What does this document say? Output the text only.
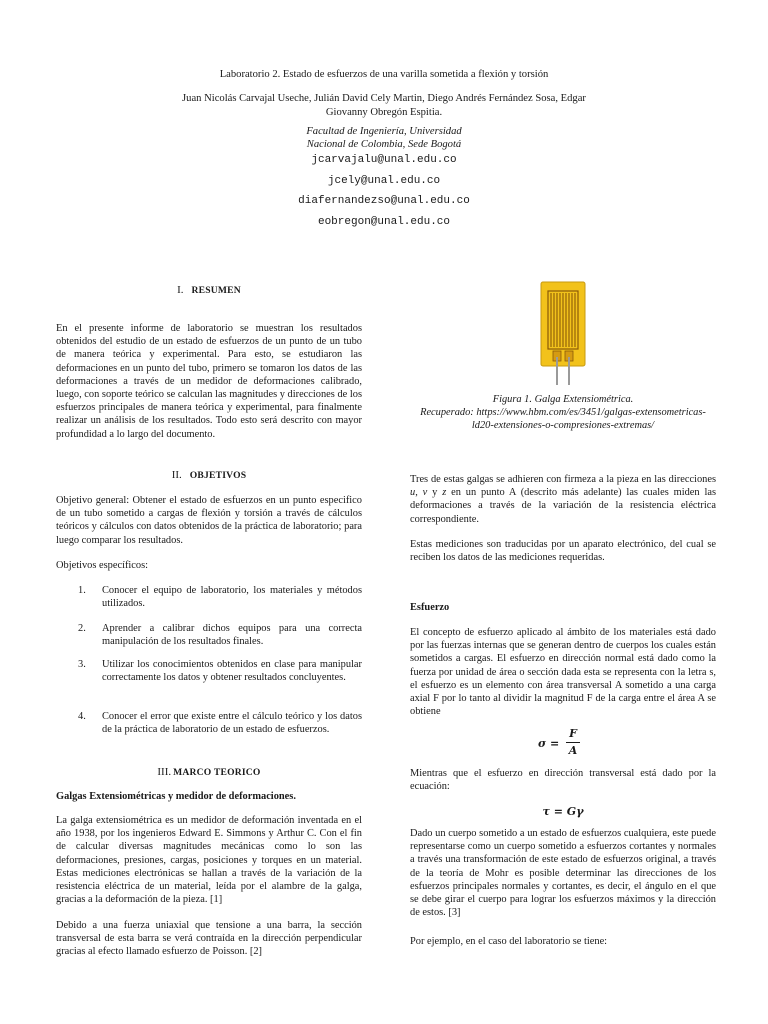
Laboratorio 2. Estado de esfuerzos de una varilla sometida a flexión y torsión
Juan Nicolás Carvajal Useche, Julián David Cely Martin, Diego Andrés Fernández Sosa, Edgar
Giovanny Obregón Espitia.
Facultad de Ingeniería, Universidad
Nacional de Colombia, Sede Bogotá
jcarvajalu@unal.edu.co
jcely@unal.edu.co
diafernandezso@unal.edu.co
eobregon@unal.edu.co
I. RESUMEN

En el presente informe de laboratorio se muestran los resultados obtenidos del estudio de un estado de esfuerzos de un punto de un tubo de manera teórica y experimental. Para esto, se estudiaron las deformaciones en un punto del tubo, primero se tomaron los datos de las deformaciones a través de un medidor de deformaciones calibrado, luego, con soporte teórico se calculan las magnitudes y direcciones de los esfuerzos principales de manera teórica y experimental, para finalmente realizar un análisis de los resultados. Todo esto será descrito con mayor profundidad a lo largo del documento.

II. OBJETIVOS

Objetivo general: Obtener el estado de esfuerzos en un punto especifico de un tubo sometido a cargas de flexión y torsión a través de cálculos teóricos y cálculos con datos obtenidos de la práctica de laboratorio; para luego comparar los resultados.

Objetivos específicos:

1. Conocer el equipo de laboratorio, los materiales y métodos utilizados.
2. Aprender a calibrar dichos equipos para una correcta manipulación de los resultados finales.
3. Utilizar los conocimientos obtenidos en clase para manipular correctamente los datos y obtener resultados concluyentes.
4. Conocer el error que existe entre el cálculo teórico y los datos de la práctica de laboratorio de un estado de esfuerzos.
III. MARCO TEORICO

Galgas Extensiométricas y medidor de deformaciones.

La galga extensiométrica es un medidor de deformación inventada en el año 1938, por los ingenieros Edward E. Simmons y Arthur C. Con el fin de calcular diversas magnitudes mecánicas como lo son las deformaciones, presiones, cargas, posiciones y torques en un material. Estas mediciones electrónicas se hallan a través de la variación de la resistencia eléctrica de un material, leída por el alambre de la galga, gracias a la deformación de la pieza. [1]

Debido a una fuerza uniaxial que tensione a una barra, la sección transversal de esta barra se verá contraída en la dirección perpendicular gracias al efecto llamado esfuerzo de Poisson. [2]

Figura 1. Galga Extensiométrica.
Recuperado: https://www.hbm.com/es/3451/galgas-extensometricas-ld20-extensiones-o-compresiones-extremas/

Tres de estas galgas se adhieren con firmeza a la pieza en las direcciones u, v y z en un punto A (descrito más adelante) las cuales miden las deformaciones a través de la variación de la resistencia eléctrica correspondiente.

Estas mediciones son traducidas por un aparato electrónico, del cual se reciben los datos de las mediciones requeridas.

Esfuerzo

El concepto de esfuerzo aplicado al ámbito de los materiales está dado por las fuerzas internas que se generan dentro de cuerpos los cuales están sometidos a cargas. El esfuerzo en dirección normal está dado como la fuerza por unidad de área o sección dada esta se representa con la letra s, el esfuerzo es un elemento con área transversal A sometido a una carga axial F por lo tanto al dividir la magnitud F de la carga entre el área A se obtiene

σ =
F
A

Mientras que el esfuerzo en dirección transversal está dado por la ecuación:

τ = Gγ

Dado un cuerpo sometido a un estado de esfuerzos cualquiera, este puede representarse como un cuerpo sometido a esfuerzos cortantes y normales a través una transformación de este estado de esfuerzos original, a través de la teoría de Mohr es posible determinar las direcciones de los esfuerzos principales normales y cortantes, es decir, el ángulo en el que se debe girar el cuerpo para lograr los esfuerzos máximos y la dirección de estos. [3]

Por ejemplo, en el caso del laboratorio se tiene:
